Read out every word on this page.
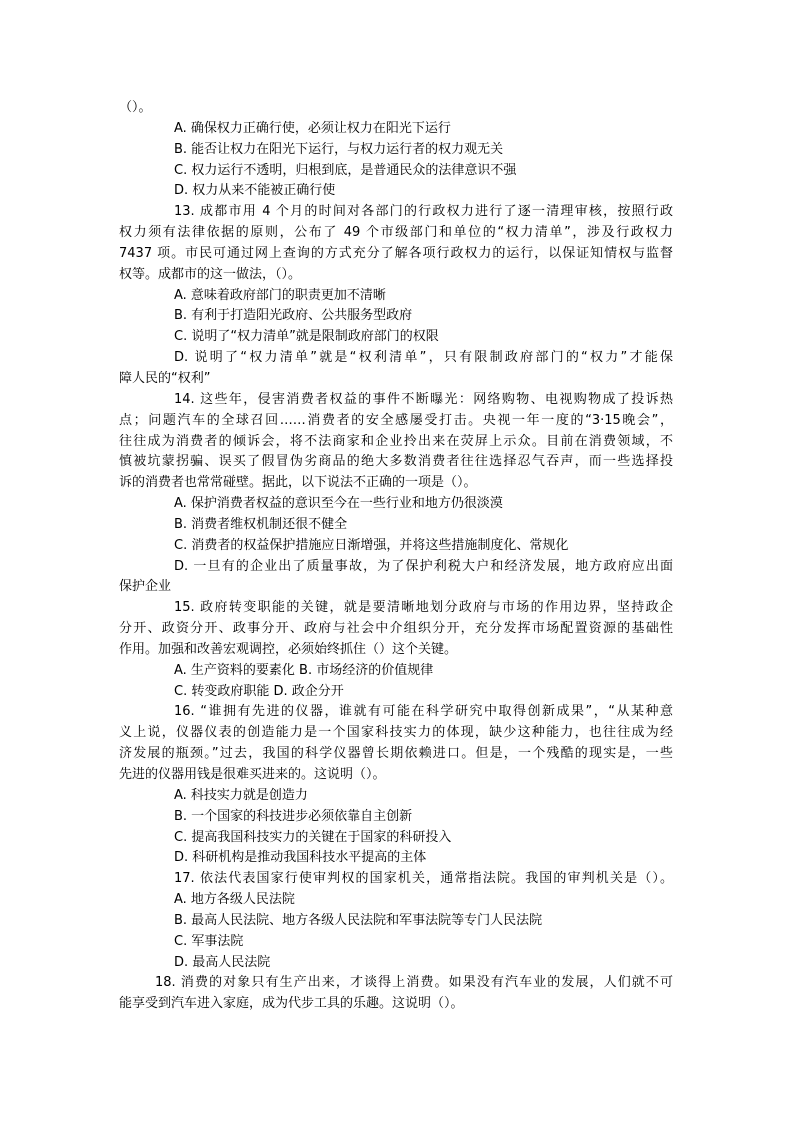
（）。
A. 确保权力正确行使，必须让权力在阳光下运行
B. 能否让权力在阳光下运行，与权力运行者的权力观无关
C. 权力运行不透明，归根到底，是普通民众的法律意识不强
D. 权力从来不能被正确行使
13. 成都市用 4 个月的时间对各部门的行政权力进行了逐一清理审核，按照行政
权力须有法律依据的原则，公布了 49 个市级部门和单位的“权力清单”，涉及行政权力
7437 项。市民可通过网上查询的方式充分了解各项行政权力的运行，以保证知情权与监督
权等。成都市的这一做法，（）。
A. 意味着政府部门的职责更加不清晰
B. 有利于打造阳光政府、公共服务型政府
C. 说明了“权力清单”就是限制政府部门的权限
D. 说明了“权力清单”就是“权利清单”，只有限制政府部门的“权力”才能保
障人民的“权利”
14. 这些年，侵害消费者权益的事件不断曝光：网络购物、电视购物成了投诉热
点；问题汽车的全球召回……消费者的安全感屡受打击。央视一年一度的“3·15晚会”，
往往成为消费者的倾诉会，将不法商家和企业拎出来在荧屏上示众。目前在消费领域，不
慎被坑蒙拐骗、误买了假冒伪劣商品的绝大多数消费者往往选择忍气吞声，而一些选择投
诉的消费者也常常碰壁。据此，以下说法不正确的一项是（）。
A. 保护消费者权益的意识至今在一些行业和地方仍很淡漠
B. 消费者维权机制还很不健全
C. 消费者的权益保护措施应日渐增强，并将这些措施制度化、常规化
D. 一旦有的企业出了质量事故，为了保护利税大户和经济发展，地方政府应出面
保护企业
15. 政府转变职能的关键，就是要清晰地划分政府与市场的作用边界，坚持政企
分开、政资分开、政事分开、政府与社会中介组织分开，充分发挥市场配置资源的基础性
作用。加强和改善宏观调控，必须始终抓住（）这个关键。
A. 生产资料的要素化 B. 市场经济的价值规律
C. 转变政府职能 D. 政企分开
16. “谁拥有先进的仪器，谁就有可能在科学研究中取得创新成果”，“从某种意
义上说，仪器仪表的创造能力是一个国家科技实力的体现，缺少这种能力，也往往成为经
济发展的瓶颈。”过去，我国的科学仪器曾长期依赖进口。但是，一个残酷的现实是，一些
先进的仪器用钱是很难买进来的。这说明（）。
A. 科技实力就是创造力
B. 一个国家的科技进步必须依靠自主创新
C. 提高我国科技实力的关键在于国家的科研投入
D. 科研机构是推动我国科技水平提高的主体
17. 依法代表国家行使审判权的国家机关，通常指法院。我国的审判机关是（）。
A. 地方各级人民法院
B. 最高人民法院、地方各级人民法院和军事法院等专门人民法院
C. 军事法院
D. 最高人民法院
18. 消费的对象只有生产出来，才谈得上消费。如果没有汽车业的发展，人们就不可
能享受到汽车进入家庭，成为代步工具的乐趣。这说明（）。
